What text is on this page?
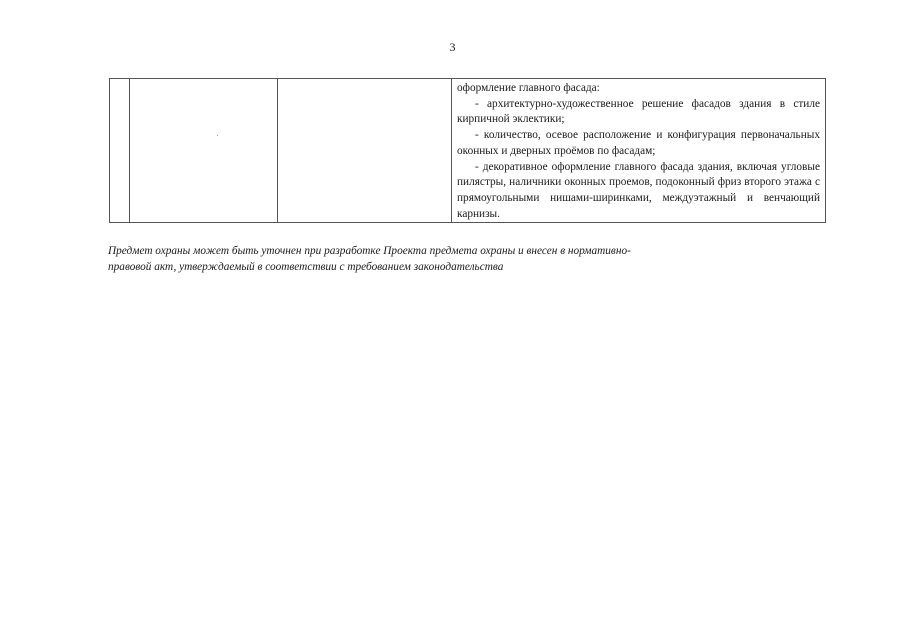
3

оформление главного фасада:

- архитектурно-художественное решение фасадов здания в стиле кирпичной эклектики;

- количество, осевое расположение и конфигурация первоначальных оконных и дверных проёмов по фасадам;

- декоративное оформление главного фасада здания, включая угловые пилястры, наличники оконных проемов, подоконный фриз второго этажа с прямоугольными нишами-ширинками, междуэтажный и венчающий карнизы.

Предмет охраны может быть уточнен при разработке Проекта предмета охраны и внесен в нормативно-

правовой акт, утверждаемый в соответствии с требованием законодательства
